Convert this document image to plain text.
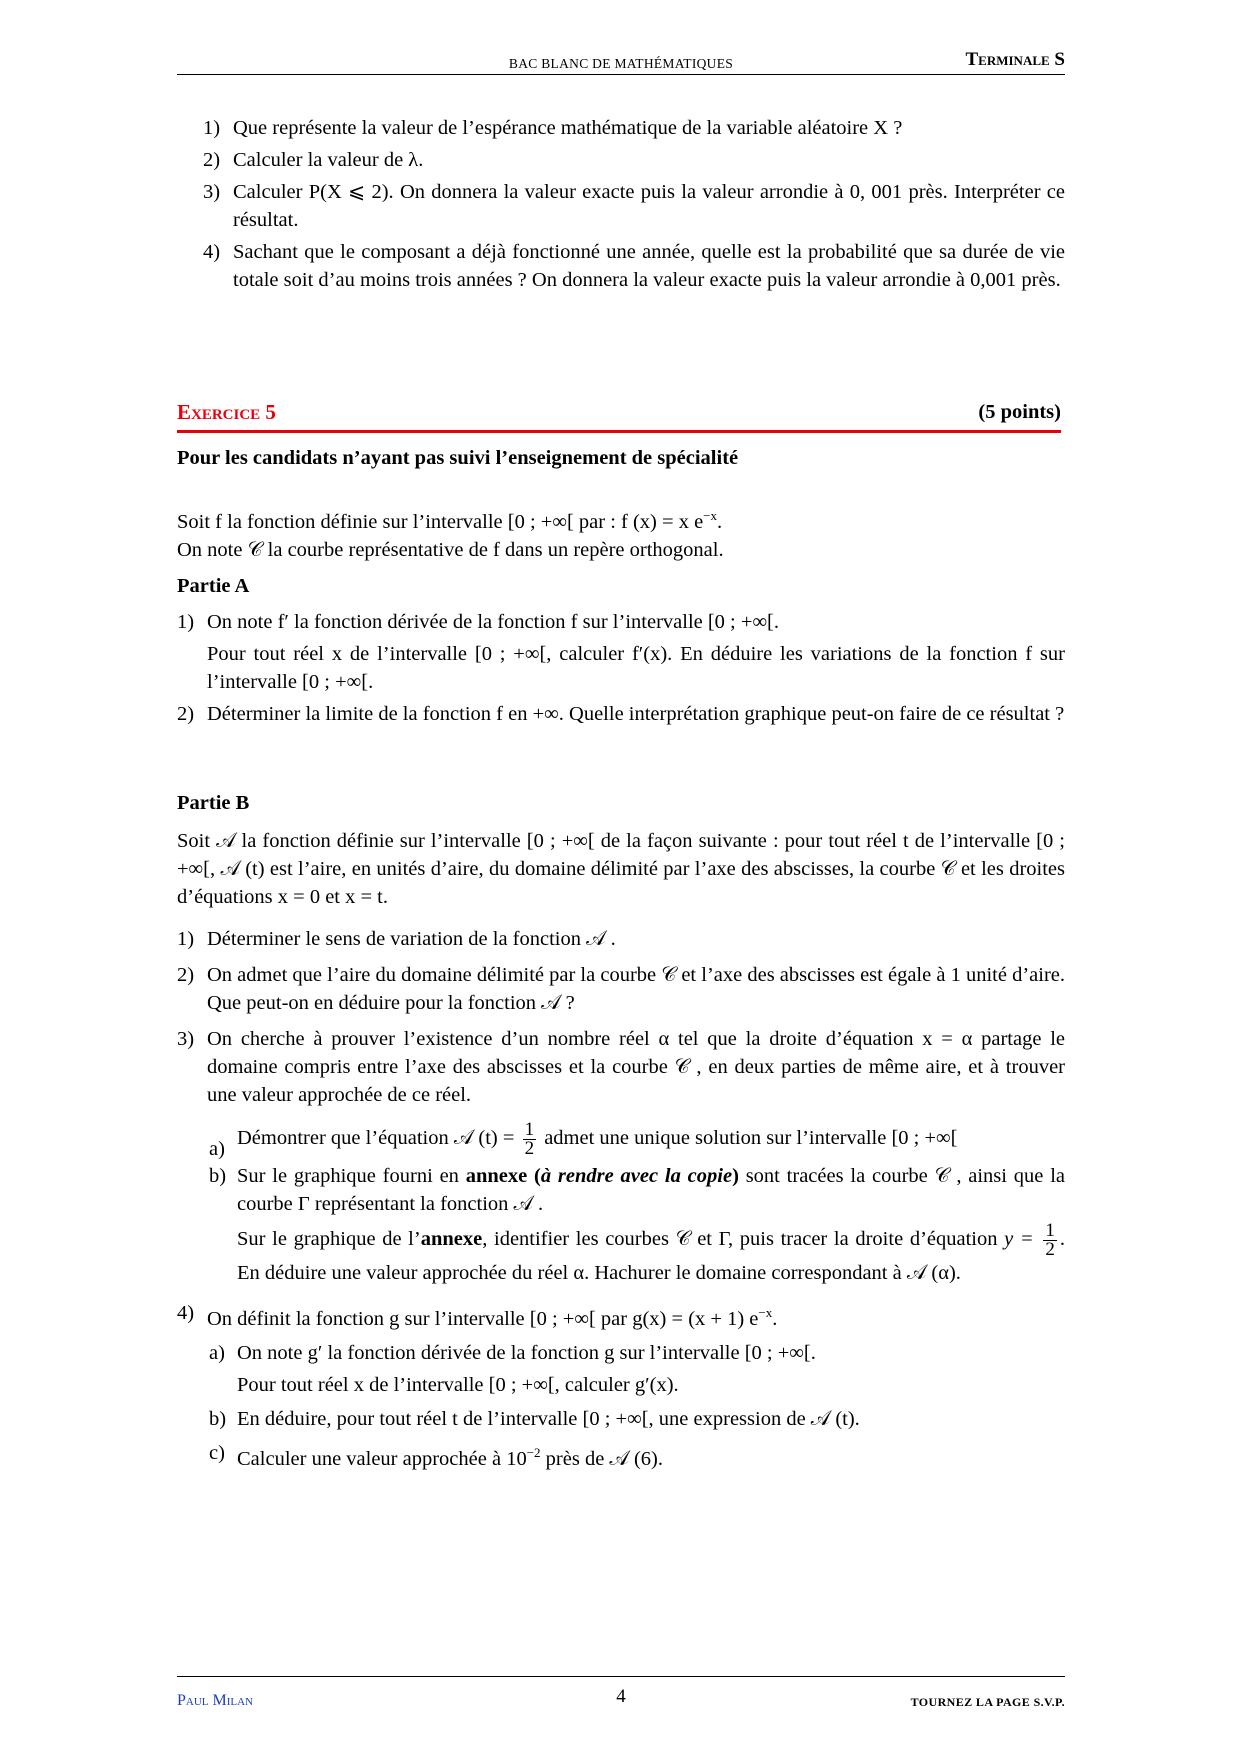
BAC BLANC DE MATHÉMATIQUES	Terminale S
1) Que représente la valeur de l’espérance mathématique de la variable aléatoire X ?
2) Calculer la valeur de λ.
3) Calculer P(X ⩽ 2). On donnera la valeur exacte puis la valeur arrondie à 0, 001 près. Interpréter ce résultat.
4) Sachant que le composant a déjà fonctionné une année, quelle est la probabilité que sa durée de vie totale soit d’au moins trois années ? On donnera la valeur exacte puis la valeur arrondie à 0,001 près.
Exercice 5	(5 points)
Pour les candidats n’ayant pas suivi l’enseignement de spécialité
Soit f la fonction définie sur l’intervalle [0 ; +∞[ par : f (x) = x $e^{-x}$.
On note 𝒞 la courbe représentative de f dans un repère orthogonal.
Partie A
1) On note f′ la fonction dérivée de la fonction f sur l’intervalle [0 ; +∞[.
Pour tout réel x de l’intervalle [0 ; +∞[, calculer f′(x). En déduire les variations de la fonction f sur l’intervalle [0 ; +∞[.
2) Déterminer la limite de la fonction f en +∞. Quelle interprétation graphique peut-on faire de ce résultat ?
Partie B
Soit 𝒜 la fonction définie sur l’intervalle [0 ; +∞[ de la façon suivante : pour tout réel t de l’intervalle [0 ; +∞[, 𝒜 (t) est l’aire, en unités d’aire, du domaine délimité par l’axe des abscisses, la courbe 𝒞 et les droites d’équations x = 0 et x = t.
1) Déterminer le sens de variation de la fonction 𝒜 .
2) On admet que l’aire du domaine délimité par la courbe 𝒞 et l’axe des abscisses est égale à 1 unité d’aire. Que peut-on en déduire pour la fonction 𝒜 ?
3) On cherche à prouver l’existence d’un nombre réel α tel que la droite d’équation x = α partage le domaine compris entre l’axe des abscisses et la courbe 𝒞 , en deux parties de même aire, et à trouver une valeur approchée de ce réel.
a) Démontrer que l’équation 𝒜 $(t) = \frac{1}{2}$ admet une unique solution sur l’intervalle [0 ; +∞[
b) Sur le graphique fourni en annexe (à rendre avec la copie) sont tracées la courbe 𝒞 , ainsi que la courbe Γ représentant la fonction 𝒜 .
Sur le graphique de l’annexe, identifier les courbes 𝒞 et Γ, puis tracer la droite d’équation $y = \frac{1}{2}$ . En déduire une valeur approchée du réel α. Hachurer le domaine correspondant à 𝒜 (α).
4) On définit la fonction g sur l’intervalle [0 ; +∞[ par g(x) = (x + 1) $e^{-x}$.
a) On note g′ la fonction dérivée de la fonction g sur l’intervalle [0 ; +∞[.
Pour tout réel x de l’intervalle [0 ; +∞[, calculer g′(x).
b) En déduire, pour tout réel t de l’intervalle [0 ; +∞[, une expression de 𝒜 (t).
c) Calculer une valeur approchée à $10^{-2}$ près de 𝒜 (6).
Paul Milan	4	TOURNEZ LA PAGE S.V.P.
